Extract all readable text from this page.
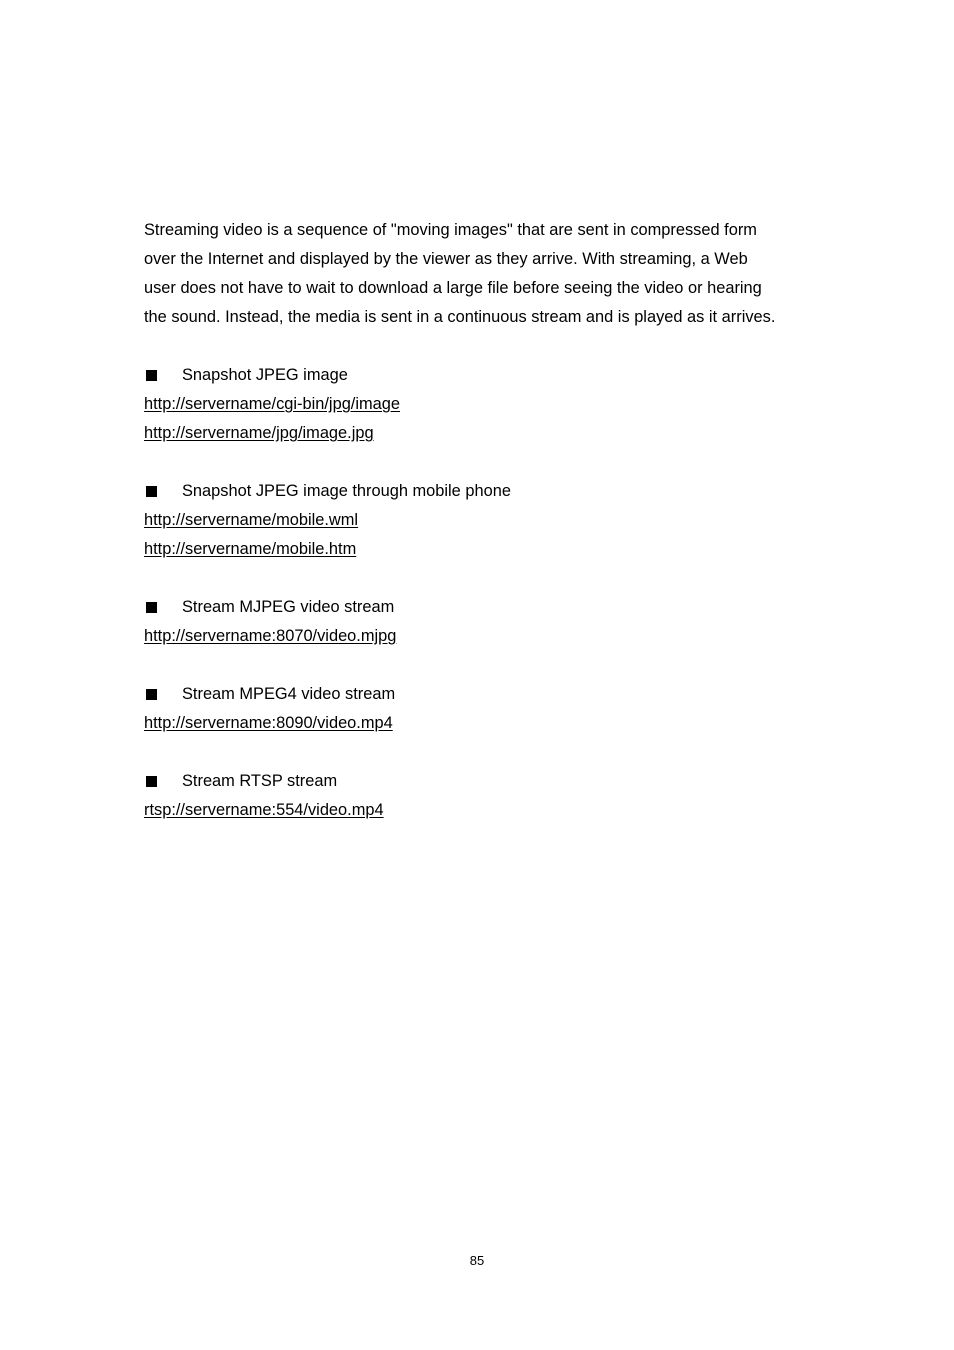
Streaming video is a sequence of "moving images" that are sent in compressed form
over the Internet and displayed by the viewer as they arrive. With streaming, a Web
user does not have to wait to download a large file before seeing the video or hearing
the sound. Instead, the media is sent in a continuous stream and is played as it arrives.

Snapshot JPEG image
http://servername/cgi-bin/jpg/image
http://servername/jpg/image.jpg
Snapshot JPEG image through mobile phone
http://servername/mobile.wml
http://servername/mobile.htm
Stream MJPEG video stream
http://servername:8070/video.mjpg
Stream MPEG4 video stream
http://servername:8090/video.mp4
Stream RTSP stream
rtsp://servername:554/video.mp4
85
